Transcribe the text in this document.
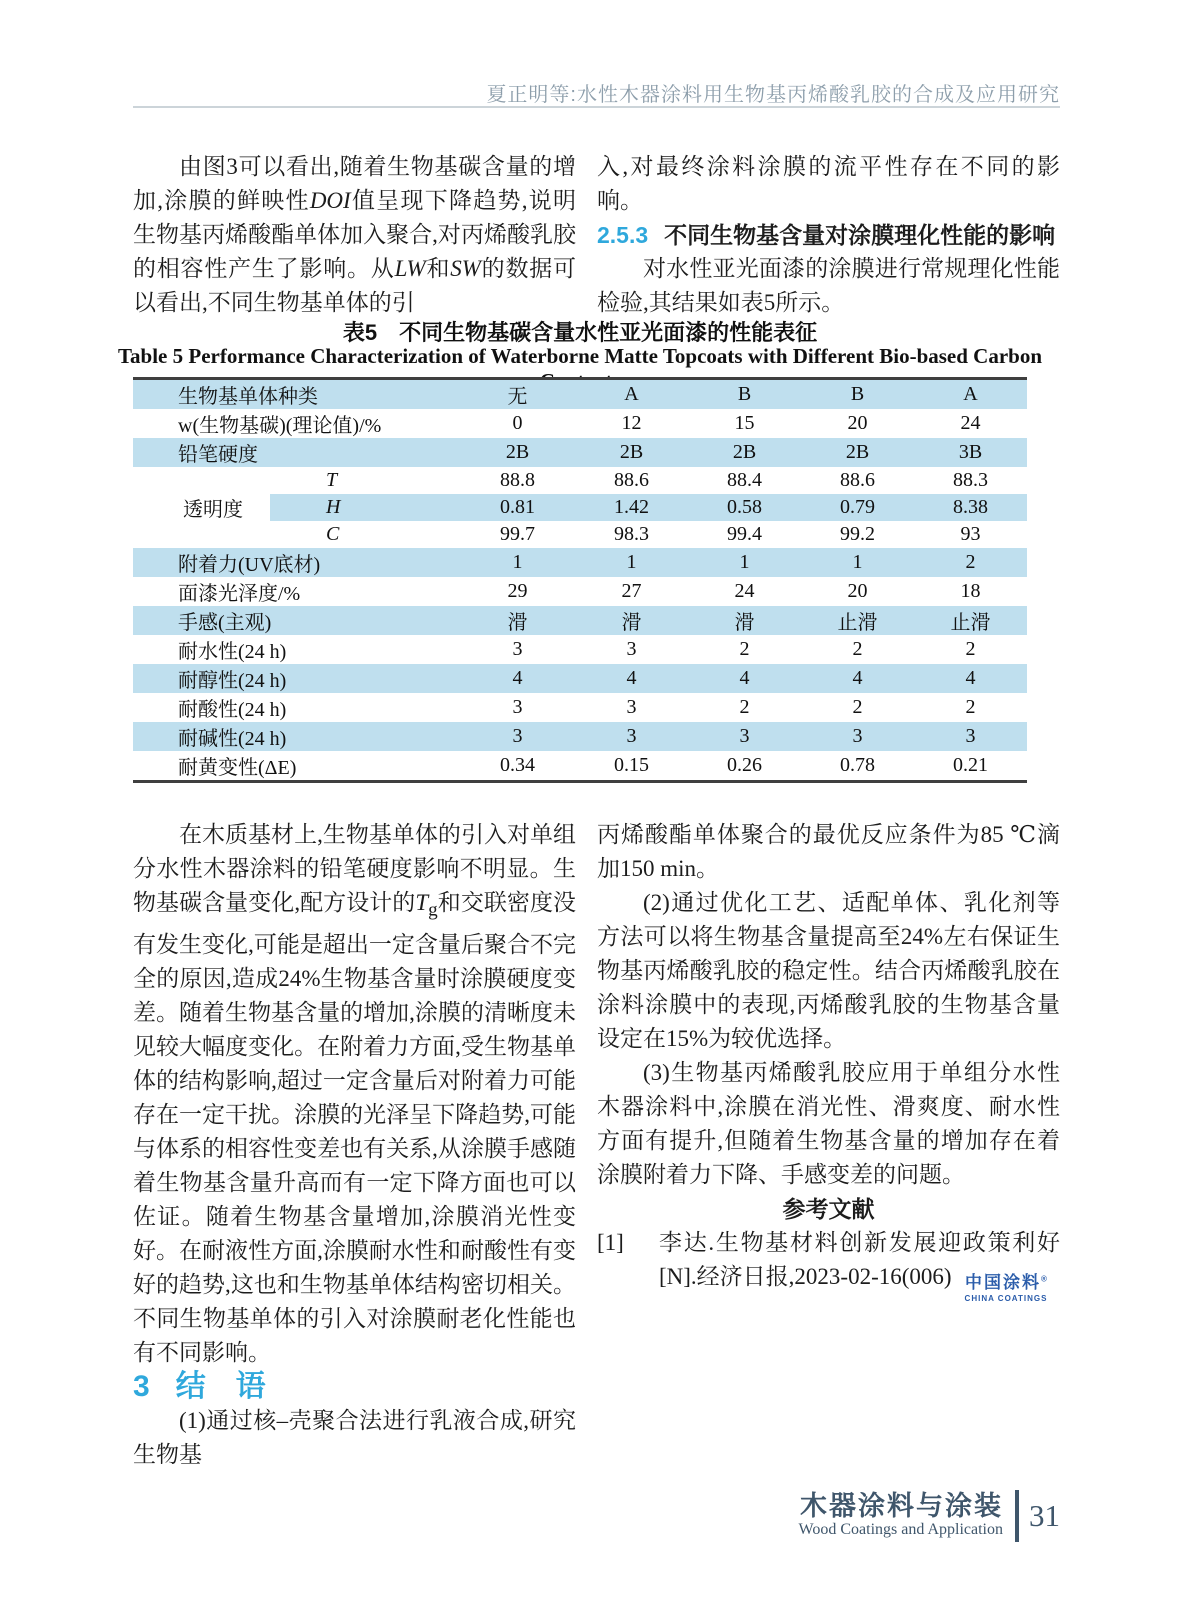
夏正明等:水性木器涂料用生物基丙烯酸乳胶的合成及应用研究

由图3可以看出,随着生物基碳含量的增加,涂膜的鲜映性DOI值呈现下降趋势,说明生物基丙烯酸酯单体加入聚合,对丙烯酸乳胶的相容性产生了影响。从LW和SW的数据可以看出,不同生物基单体的引

入,对最终涂料涂膜的流平性存在不同的影响。

2.5.3 不同生物基含量对涂膜理化性能的影响

对水性亚光面漆的涂膜进行常规理化性能检验,其结果如表5所示。

表5　不同生物基碳含量水性亚光面漆的性能表征
Table 5 Performance Characterization of Waterborne Matte Topcoats with Different Bio-based Carbon Contents
生物基单体种类		无	A	B	B	A
w(生物基碳)(理论值)/%		0	12	15	20	24
铅笔硬度		2B	2B	2B	2B	3B
透明度	T	88.8	88.6	88.4	88.6	88.3
	H	0.81	1.42	0.58	0.79	8.38
	C	99.7	98.3	99.4	99.2	93
附着力(UV底材)		1	1	1	1	2
面漆光泽度/%		29	27	24	20	18
手感(主观)		滑	滑	滑	止滑	止滑
耐水性(24 h)		3	3	2	2	2
耐醇性(24 h)		4	4	4	4	4
耐酸性(24 h)		3	3	2	2	2
耐碱性(24 h)		3	3	3	3	3
耐黄变性(ΔE)		0.34	0.15	0.26	0.78	0.21

在木质基材上,生物基单体的引入对单组分水性木器涂料的铅笔硬度影响不明显。生物基碳含量变化,配方设计的$T_g$和交联密度没有发生变化,可能是超出一定含量后聚合不完全的原因,造成24%生物基含量时涂膜硬度变差。随着生物基含量的增加,涂膜的清晰度未见较大幅度变化。在附着力方面,受生物基单体的结构影响,超过一定含量后对附着力可能存在一定干扰。涂膜的光泽呈下降趋势,可能与体系的相容性变差也有关系,从涂膜手感随着生物基含量升高而有一定下降方面也可以佐证。随着生物基含量增加,涂膜消光性变好。在耐液性方面,涂膜耐水性和耐酸性有变好的趋势,这也和生物基单体结构密切相关。不同生物基单体的引入对涂膜耐老化性能也有不同影响。

3 结　语

(1)通过核–壳聚合法进行乳液合成,研究生物基

丙烯酸酯单体聚合的最优反应条件为85 ℃滴加150 min。

(2)通过优化工艺、适配单体、乳化剂等方法可以将生物基含量提高至24%左右保证生物基丙烯酸乳胶的稳定性。结合丙烯酸乳胶在涂料涂膜中的表现,丙烯酸乳胶的生物基含量设定在15%为较优选择。

(3)生物基丙烯酸乳胶应用于单组分水性木器涂料中,涂膜在消光性、滑爽度、耐水性方面有提升,但随着生物基含量的增加存在着涂膜附着力下降、手感变差的问题。

参考文献

[1]	李达.生物基材料创新发展迎政策利好[N].经济日报,2023-02-16(006) 中国涂料®
CHINA COATINGS
木器涂料与涂装
Wood Coatings and Application 31
